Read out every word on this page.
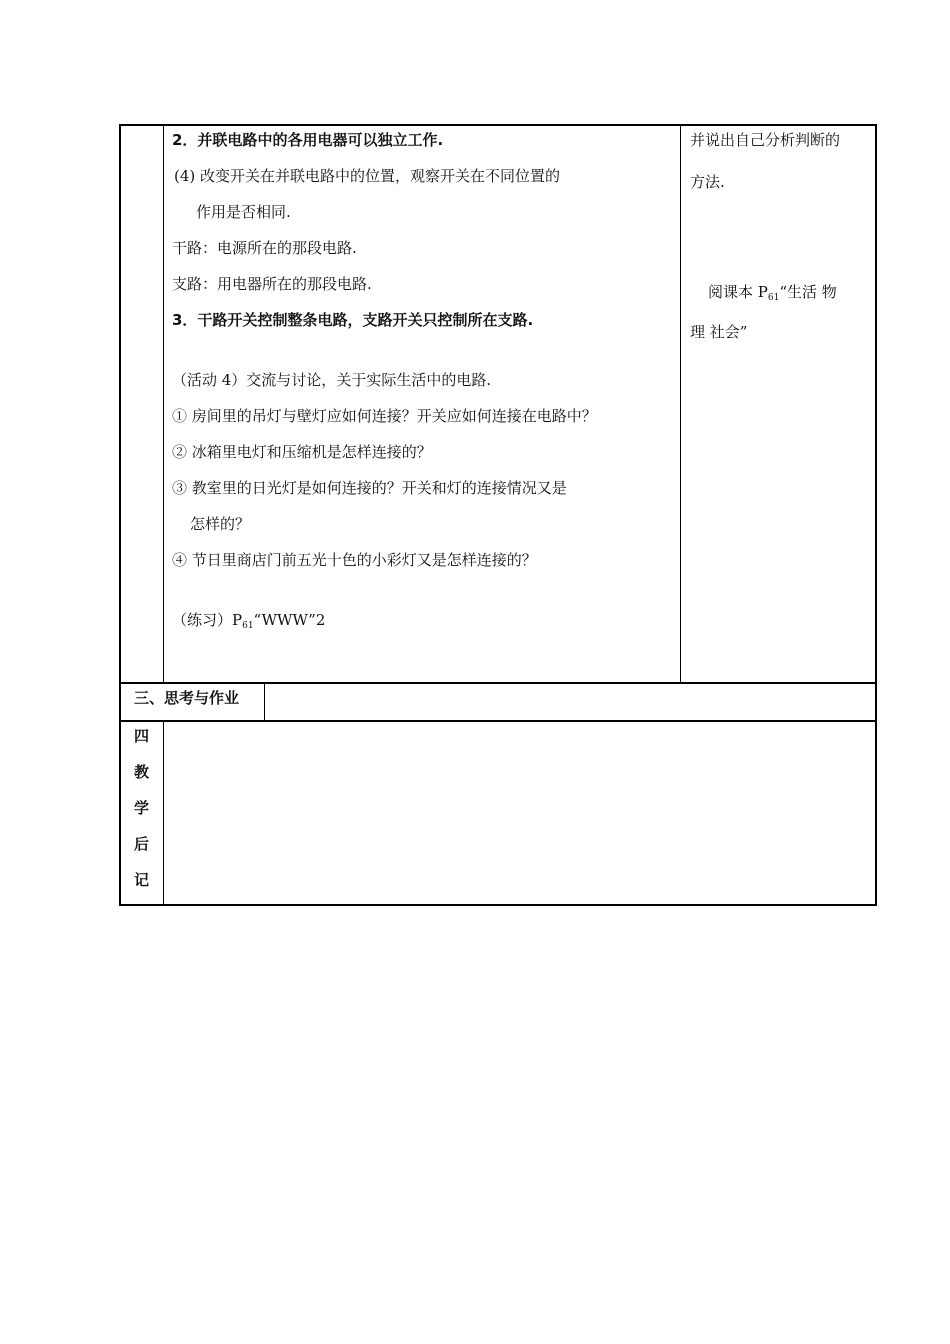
2．并联电路中的各用电器可以独立工作.
(4) 改变开关在并联电路中的位置，观察开关在不同位置的
作用是否相同.
干路：电源所在的那段电路.
支路：用电器所在的那段电路.
3．干路开关控制整条电路，支路开关只控制所在支路.
（活动 4）交流与讨论，关于实际生活中的电路.
① 房间里的吊灯与壁灯应如何连接？开关应如何连接在电路中？
② 冰箱里电灯和压缩机是怎样连接的？
③ 教室里的日光灯是如何连接的？开关和灯的连接情况又是
怎样的？
④ 节日里商店门前五光十色的小彩灯又是怎样连接的？
（练习）$P_{61}“WWW”2$
并说出自己分析判断的
方法.
阅课本 $P_{61}“$生活 物
理 社会”
三、思考与作业
四
教
学
后
记
